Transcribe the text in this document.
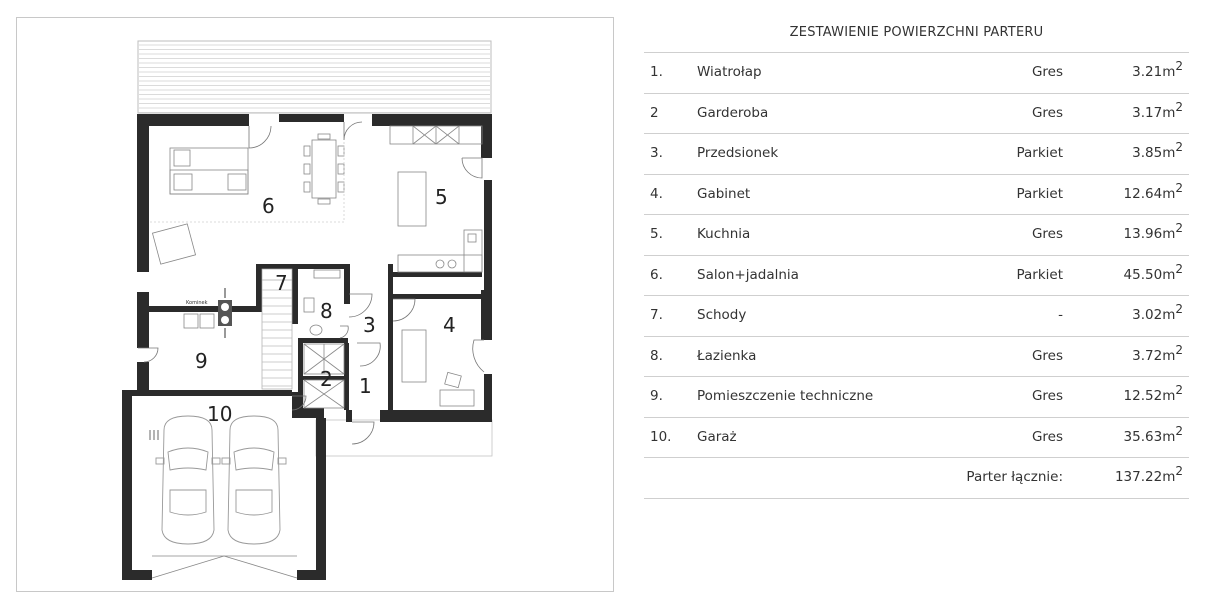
Kominek
1
2
3	4
5
6
7
8
9
10
ZESTAWIENIE POWIERZCHNI PARTERU
1.	Wiatrołap	Gres	$3.21m^2$
2	Garderoba	Gres	$3.17m^2$
3.	Przedsionek	Parkiet	$3.85m^2$
4.	Gabinet	Parkiet	$12.64m^2$
5.	Kuchnia	Gres	$13.96m^2$
6.	Salon+jadalnia	Parkiet	$45.50m^2$
7.	Schody	-	$3.02m^2$
8.	Łazienka	Gres	$3.72m^2$
9.	Pomieszczenie techniczne	Gres	$12.52m^2$
10. Garaż	Gres	$35.63m^2$
Parter łącznie:	$137.22m^2$
